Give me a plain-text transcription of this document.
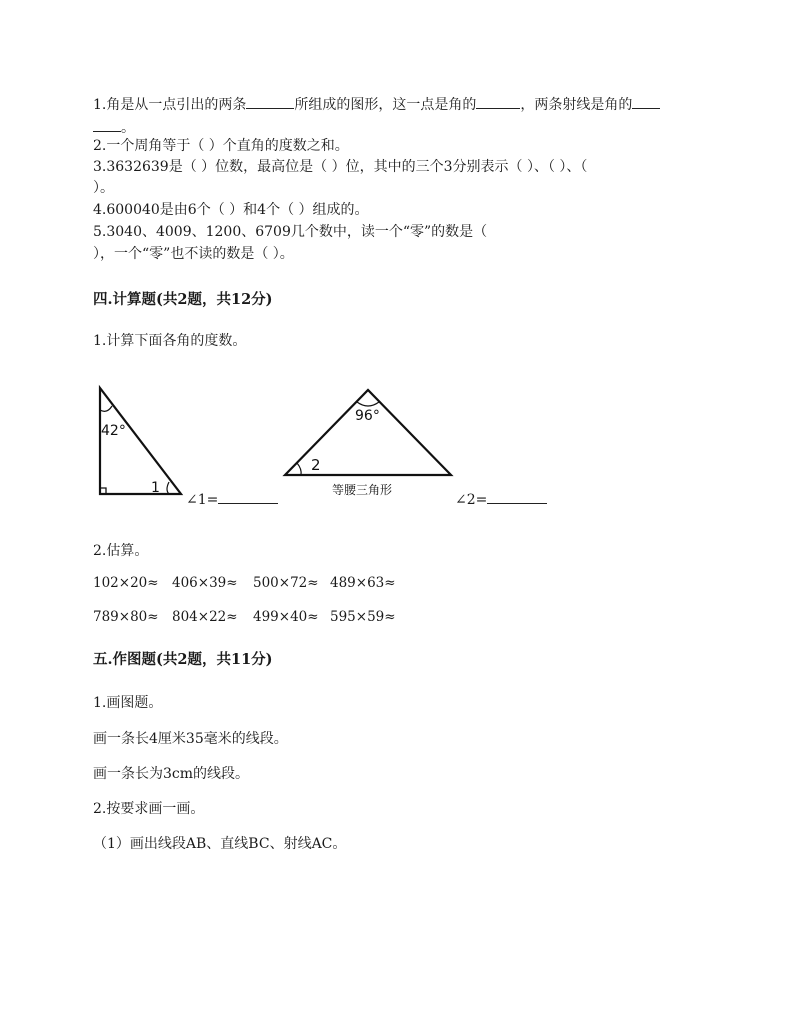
1.角是从一点引出的两条	所组成的图形，这一点是角的	，两条射线是角的
。
2.一个周角等于（ ）个直角的度数之和。
3.3632639是（ ）位数，最高位是（ ）位，其中的三个3分别表示（ ）、（ ）、（
）。
4.600040是由6个（ ）和4个（ ）组成的。
5.3040、4009、1200、6709几个数中，读一个“零”的数是（
），一个“零”也不读的数是（ ）。
四.计算题(共2题，共12分)
1.计算下面各角的度数。
42°
1
96°
2
等腰三角形
∠1=	∠2=
2.估算。
102×20≈ 406×39≈ 500×72≈ 489×63≈
789×80≈ 804×22≈ 499×40≈ 595×59≈
五.作图题(共2题，共11分)
1.画图题。
画一条长4厘米35毫米的线段。
画一条长为3cm的线段。
2.按要求画一画。
（1）画出线段AB、直线BC、射线AC。
